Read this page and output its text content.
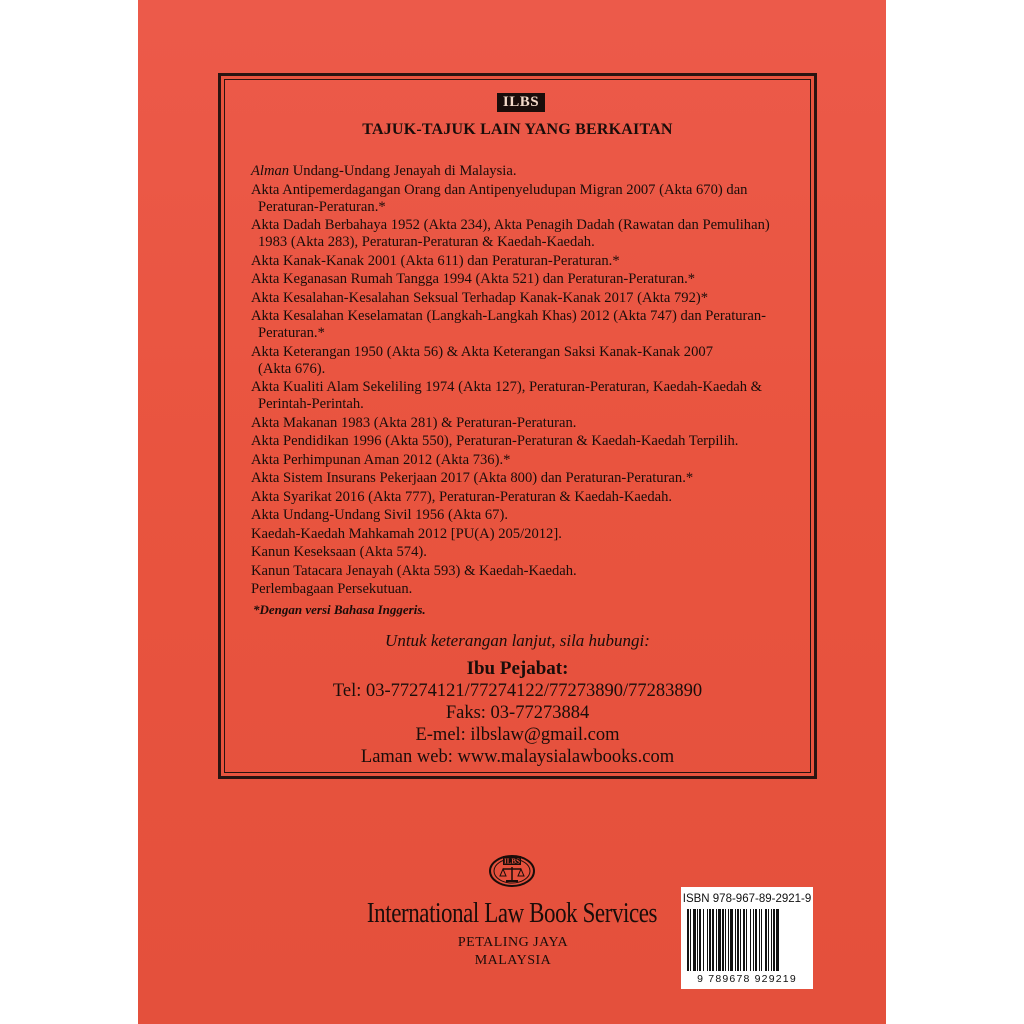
ILBS
TAJUK-TAJUK LAIN YANG BERKAITAN
Alman Undang-Undang Jenayah di Malaysia.
Akta Antipemerdagangan Orang dan Antipenyeludupan Migran 2007 (Akta 670) dan
Peraturan-Peraturan.*
Akta Dadah Berbahaya 1952 (Akta 234), Akta Penagih Dadah (Rawatan dan Pemulihan)
1983 (Akta 283), Peraturan-Peraturan & Kaedah-Kaedah.
Akta Kanak-Kanak 2001 (Akta 611) dan Peraturan-Peraturan.*
Akta Keganasan Rumah Tangga 1994 (Akta 521) dan Peraturan-Peraturan.*
Akta Kesalahan-Kesalahan Seksual Terhadap Kanak-Kanak 2017 (Akta 792)*
Akta Kesalahan Keselamatan (Langkah-Langkah Khas) 2012 (Akta 747) dan Peraturan-
Peraturan.*
Akta Keterangan 1950 (Akta 56) & Akta Keterangan Saksi Kanak-Kanak 2007
(Akta 676).
Akta Kualiti Alam Sekeliling 1974 (Akta 127), Peraturan-Peraturan, Kaedah-Kaedah &
Perintah-Perintah.
Akta Makanan 1983 (Akta 281) & Peraturan-Peraturan.
Akta Pendidikan 1996 (Akta 550), Peraturan-Peraturan & Kaedah-Kaedah Terpilih.
Akta Perhimpunan Aman 2012 (Akta 736).*
Akta Sistem Insurans Pekerjaan 2017 (Akta 800) dan Peraturan-Peraturan.*
Akta Syarikat 2016 (Akta 777), Peraturan-Peraturan & Kaedah-Kaedah.
Akta Undang-Undang Sivil 1956 (Akta 67).
Kaedah-Kaedah Mahkamah 2012 [PU(A) 205/2012].
Kanun Keseksaan (Akta 574).
Kanun Tatacara Jenayah (Akta 593) & Kaedah-Kaedah.
Perlembagaan Persekutuan.
*Dengan versi Bahasa Inggeris.
Untuk keterangan lanjut, sila hubungi:
Ibu Pejabat:
Tel: 03-77274121/77274122/77273890/77283890
Faks: 03-77273884
E-mel: ilbslaw@gmail.com
Laman web: www.malaysialawbooks.com
ILBS
International Law Book Services
PETALING JAYA
MALAYSIA
ISBN 978-967-89-2921-9
9 789678 929219
